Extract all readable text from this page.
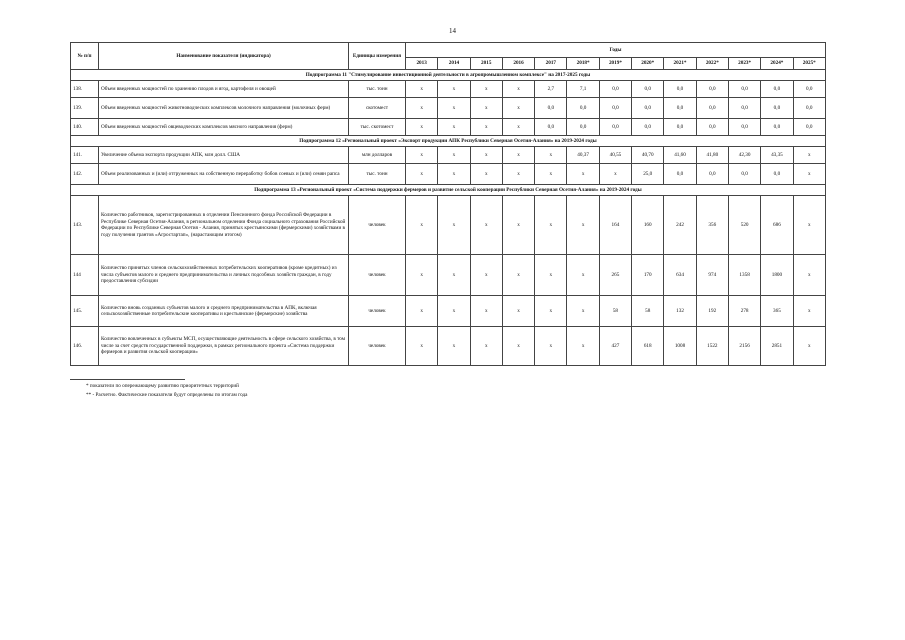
14
№ п/п	Наименование показателя (индикатора)	Единицы измерения	Годы												
			2013	2014	2015	2016	2017	2018*	2019*	2020*	2021*	2022*	2023*	2024*	2025*
Подпрограмма 11 "Стимулирование инвестиционной деятельности в агропромышленном комплексе" на 2017-2025 годы															
138.	Объем введенных мощностей по хранению плодов и ягод, картофеля и овощей	тыс. тонн	х	х	х	х	2,7	7,1	0,0	0,0	0,0	0,0	0,0	0,0	0,0
139.	Объем введенных мощностей животноводческих комплексов молочного направления (молочных ферм)	скотомест	х	х	х	х	0,0	0,0	0,0	0,0	0,0	0,0	0,0	0,0	0,0
140.	Объем введенных мощностей овцеводческих комплексов мясного направления (ферм)	тыс. скотомест	х	х	х	х	0,0	0,0	0,0	0,0	0,0	0,0	0,0	0,0	0,0
Подпрограмма 12 «Региональный проект «Экспорт продукции АПК Республики Северная Осетия-Алания» на 2019-2024 годы															
141.	Увеличение объема экспорта продукции АПК, млн долл. США	млн долларов	х	х	х	х	х	40,37	40,55	40,70	41,60	41,80	42,30	43,35	х
142.	Объем реализованных и (или) отгруженных на собственную переработку бобов соевых и (или) семян рапса	тыс. тонн	х	х	х	х	х	х	х	25,0	0,0	0,0	0,0	0,0	х
Подпрограмма 13 «Региональный проект «Система поддержки фермеров и развитие сельской кооперации Республики Северная Осетия-Алания» на 2019-2024 годы															
143.	Количество работников, зарегистрированных в отделении Пенсионного фонда Российской Федерации в Республике Северная Осетия-Алания, в региональном отделении Фонда социального страхования Российской Федерации по Республике Северная Осетия - Алания, принятых крестьянскими (фермерскими) хозяйствами в году получения грантов «Агростартап», (нарастающим итогом)	человек	х	х	х	х	х	х	164	160	242	356	520	686	х
144	Количество принятых членов сельскохозяйственных потребительских кооперативов (кроме кредитных) из числа субъектов малого и среднего предпринимательства и личных подсобных хозяйств граждан, в году предоставления субсидии	человек	х	х	х	х	х	х	265	170	634	974	1358	1800	х
145.	Количество вновь созданных субъектов малого и среднего предпринимательства в АПК, включая сельскохозяйственные потребительские кооперативы и крестьянские (фермерские) хозяйства	человек	х	х	х	х	х	х	58	58	132	192	278	365	х
146.	Количество вовлеченных в субъекты МСП, осуществляющие деятельность в сфере сельского хозяйства, в том числе за счет средств государственной поддержки, в рамках регионального проекта «Система поддержки фермеров и развития сельской кооперации»	человек	х	х	х	х	х	х	427	618	1008	1522	2156	2851	х
* показатели по опережающему развитию приоритетных территорий
** - Расчетно. Фактические показатели будут определены по итогам года
